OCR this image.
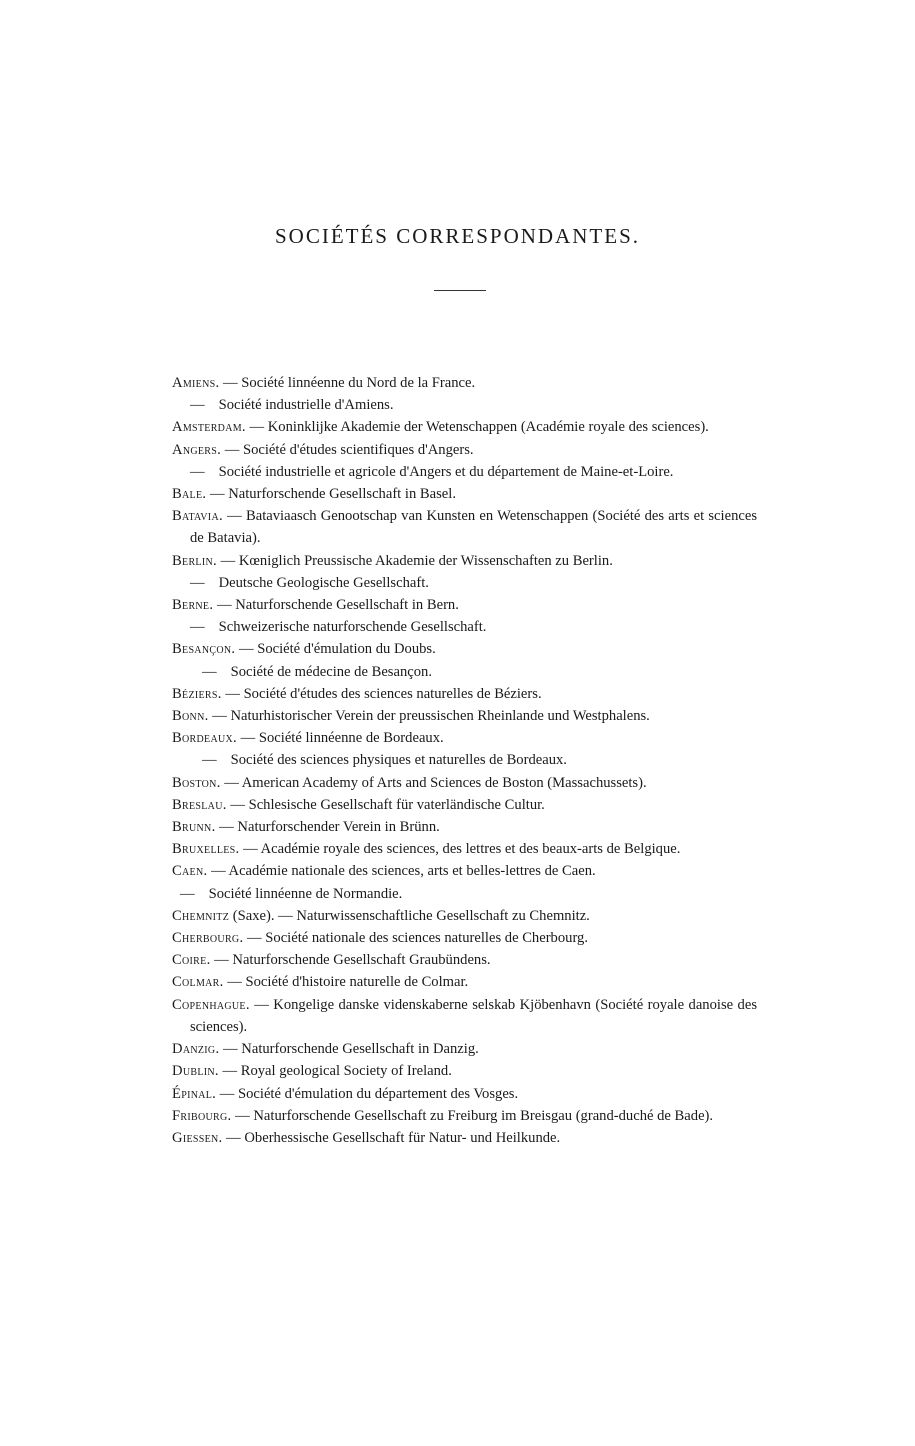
SOCIÉTÉS CORRESPONDANTES.
Amiens. — Société linnéenne du Nord de la France.
— Société industrielle d'Amiens.
Amsterdam. — Koninklijke Akademie der Wetenschappen (Académie royale des sciences).
Angers. — Société d'études scientifiques d'Angers.
— Société industrielle et agricole d'Angers et du département de Maine-et-Loire.
Bale. — Naturforschende Gesellschaft in Basel.
Batavia. — Bataviaasch Genootschap van Kunsten en Wetenschappen (Société des arts et sciences de Batavia).
Berlin. — Kœniglich Preussische Akademie der Wissenschaften zu Berlin.
— Deutsche Geologische Gesellschaft.
Berne. — Naturforschende Gesellschaft in Bern.
— Schweizerische naturforschende Gesellschaft.
Besançon. — Société d'émulation du Doubs.
— Société de médecine de Besançon.
Béziers. — Société d'études des sciences naturelles de Béziers.
Bonn. — Naturhistorischer Verein der preussischen Rheinlande und Westphalens.
Bordeaux. — Société linnéenne de Bordeaux.
— Société des sciences physiques et naturelles de Bordeaux.
Boston. — American Academy of Arts and Sciences de Boston (Massachussets).
Breslau. — Schlesische Gesellschaft für vaterländische Cultur.
Brunn. — Naturforschender Verein in Brünn.
Bruxelles. — Académie royale des sciences, des lettres et des beaux-arts de Belgique.
Caen. — Académie nationale des sciences, arts et belles-lettres de Caen.
— Société linnéenne de Normandie.
Chemnitz (Saxe). — Naturwissenschaftliche Gesellschaft zu Chemnitz.
Cherbourg. — Société nationale des sciences naturelles de Cherbourg.
Coire. — Naturforschende Gesellschaft Graubündens.
Colmar. — Société d'histoire naturelle de Colmar.
Copenhague. — Kongelige danske videnskaberne selskab Kjöbenhavn (Société royale danoise des sciences).
Danzig. — Naturforschende Gesellschaft in Danzig.
Dublin. — Royal geological Society of Ireland.
Épinal. — Société d'émulation du département des Vosges.
Fribourg. — Naturforschende Gesellschaft zu Freiburg im Breisgau (grand-duché de Bade).
Giessen. — Oberhessische Gesellschaft für Natur- und Heilkunde.
